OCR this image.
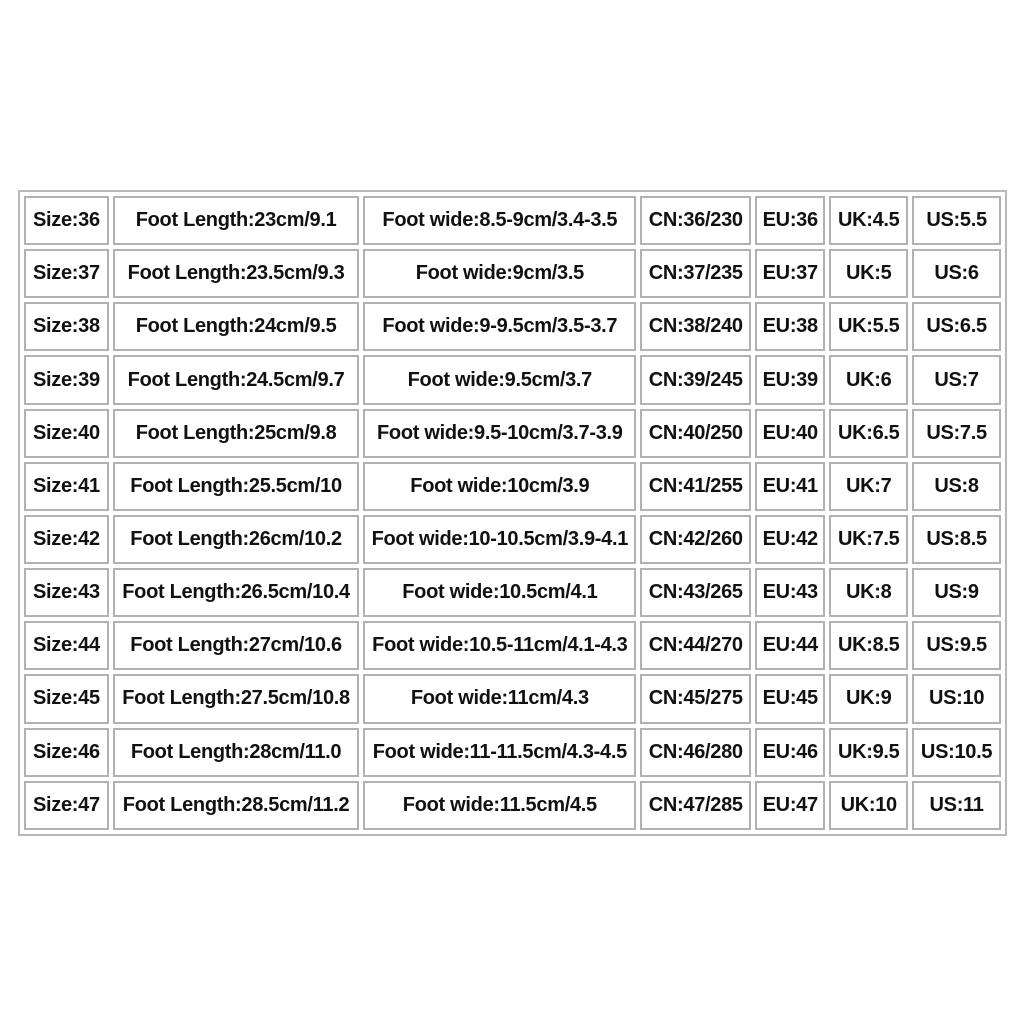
Size:36	Foot Length:23cm/9.1	Foot wide:8.5-9cm/3.4-3.5	CN:36/230	EU:36	UK:4.5	US:5.5
Size:37	Foot Length:23.5cm/9.3	Foot wide:9cm/3.5	CN:37/235	EU:37	UK:5	US:6
Size:38	Foot Length:24cm/9.5	Foot wide:9-9.5cm/3.5-3.7	CN:38/240	EU:38	UK:5.5	US:6.5
Size:39	Foot Length:24.5cm/9.7	Foot wide:9.5cm/3.7	CN:39/245	EU:39	UK:6	US:7
Size:40	Foot Length:25cm/9.8	Foot wide:9.5-10cm/3.7-3.9	CN:40/250	EU:40	UK:6.5	US:7.5
Size:41	Foot Length:25.5cm/10	Foot wide:10cm/3.9	CN:41/255	EU:41	UK:7	US:8
Size:42	Foot Length:26cm/10.2	Foot wide:10-10.5cm/3.9-4.1	CN:42/260	EU:42	UK:7.5	US:8.5
Size:43	Foot Length:26.5cm/10.4	Foot wide:10.5cm/4.1	CN:43/265	EU:43	UK:8	US:9
Size:44	Foot Length:27cm/10.6	Foot wide:10.5-11cm/4.1-4.3	CN:44/270	EU:44	UK:8.5	US:9.5
Size:45	Foot Length:27.5cm/10.8	Foot wide:11cm/4.3	CN:45/275	EU:45	UK:9	US:10
Size:46	Foot Length:28cm/11.0	Foot wide:11-11.5cm/4.3-4.5	CN:46/280	EU:46	UK:9.5	US:10.5
Size:47	Foot Length:28.5cm/11.2	Foot wide:11.5cm/4.5	CN:47/285	EU:47	UK:10	US:11
